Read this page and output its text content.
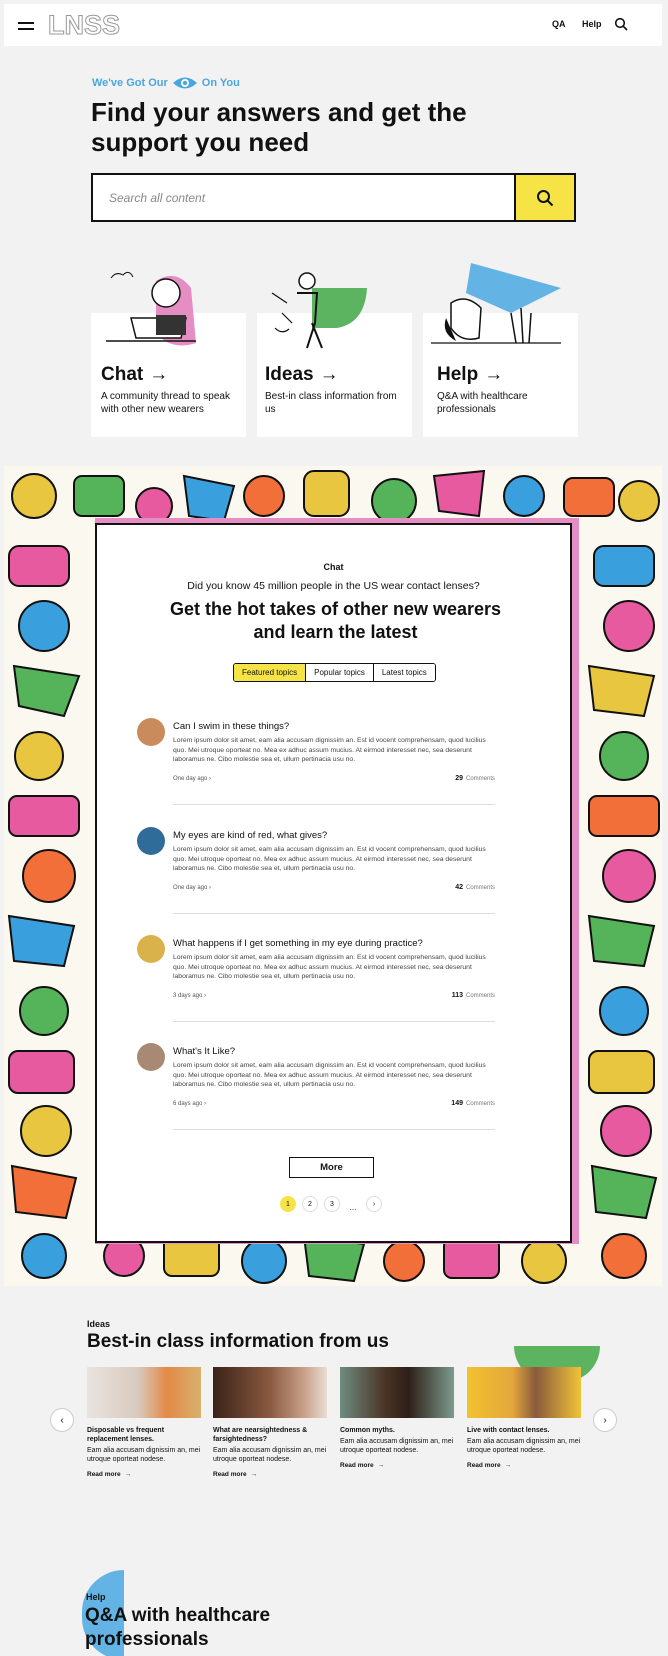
LNSS	QA Help
We've Got Our	On You
Find your answers and get the support you need
Search all content
Chat →
A community thread to speak with other new wearers
Ideas →
Best-in class information from us
Help →
Q&A with healthcare professionals
Chat
Did you know 45 million people in the US wear contact lenses?
Get the hot takes of other new wearers and learn the latest
Featured topics	Popular topics	Latest topics
Can I swim in these things?
Lorem ipsum dolor sit amet, eam alia accusam dignissim an. Est id vocent comprehensam, quod lucilius quo. Mei utroque oporteat no. Mea ex adhuc assum mucius. At eirmod interesset nec, sea deserunt laboramus ne. Cibo molestie sea et, ullum pertinacia usu no.
One day ago ›	29 Comments
My eyes are kind of red, what gives?
Lorem ipsum dolor sit amet, eam alia accusam dignissim an. Est id vocent comprehensam, quod lucilius quo. Mei utroque oporteat no. Mea ex adhuc assum mucius. At eirmod interesset nec, sea deserunt laboramus ne. Cibo molestie sea et, ullum pertinacia usu no.
One day ago ›	42 Comments
What happens if I get something in my eye during practice?
Lorem ipsum dolor sit amet, eam alia accusam dignissim an. Est id vocent comprehensam, quod lucilius quo. Mei utroque oporteat no. Mea ex adhuc assum mucius. At eirmod interesset nec, sea deserunt laboramus ne. Cibo molestie sea et, ullum pertinacia usu no.
3 days ago ›	113 Comments
What's It Like?
Lorem ipsum dolor sit amet, eam alia accusam dignissim an. Est id vocent comprehensam, quod lucilius quo. Mei utroque oporteat no. Mea ex adhuc assum mucius. At eirmod interesset nec, sea deserunt laboramus ne. Cibo molestie sea et, ullum pertinacia usu no.
6 days ago ›	149 Comments
More
1	2	3	...	›
Ideas
Best-in class information from us
‹	›
Disposable vs frequent replacement lenses.
Eam alia accusam dignissim an, mei utroque oporteat nodese.
Read more →
What are nearsightedness & farsightedness?
Eam alia accusam dignissim an, mei utroque oporteat nodese.
Read more →
Common myths.
Eam alia accusam dignissim an, mei utroque oporteat nodese.
Read more →
Live with contact lenses.
Eam alia accusam dignissim an, mei utroque oporteat nodese.
Read more →
Help
Q&A with healthcare professionals
